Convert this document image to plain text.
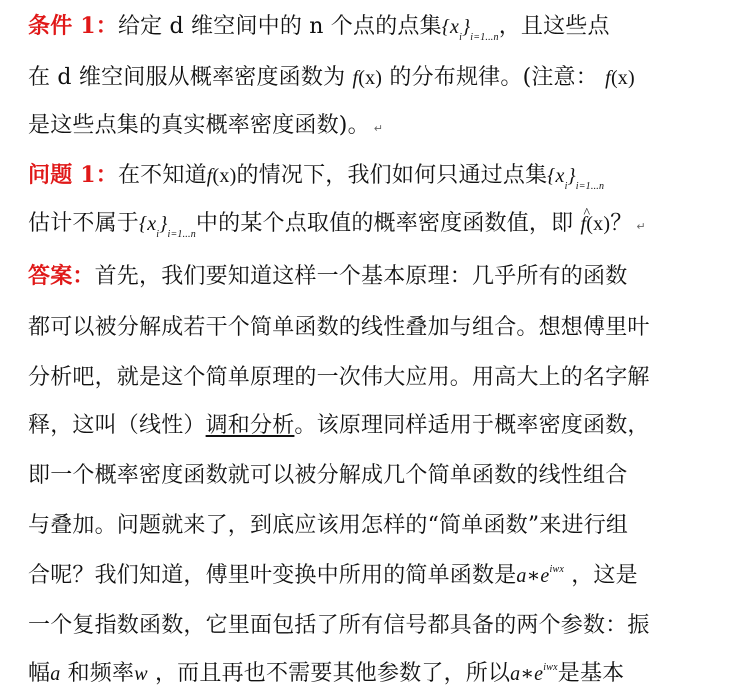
条件 1：给定 d 维空间中的 n 个点的点集$\{x_i\}_{i=1...n}$，且这些点
在 d 维空间服从概率密度函数为 f(x) 的分布规律。(注意： f(x)
是这些点集的真实概率密度函数)。 ↵
问题 1：在不知道f(x)的情况下，我们如何只通过点集$\{x_i\}_{i=1...n}$
估计不属于$\{x_i\}_{i=1...n}$中的某个点取值的概率密度函数值，即 ^ f(x)？ ↵
答案：首先，我们要知道这样一个基本原理：几乎所有的函数
都可以被分解成若干个简单函数的线性叠加与组合。想想傅里叶
分析吧，就是这个简单原理的一次伟大应用。用高大上的名字解
释，这叫（线性）调和分析。该原理同样适用于概率密度函数，
即一个概率密度函数就可以被分解成几个简单函数的线性组合
与叠加。问题就来了，到底应该用怎样的“简单函数”来进行组
合呢？我们知道，傅里叶变换中所用的简单函数是$a∗e^{iwx}$ ，这是
一个复指数函数，它里面包括了所有信号都具备的两个参数：振
幅a 和频率w ，而且再也不需要其他参数了，所以$a∗e^{iwx}$是基本
